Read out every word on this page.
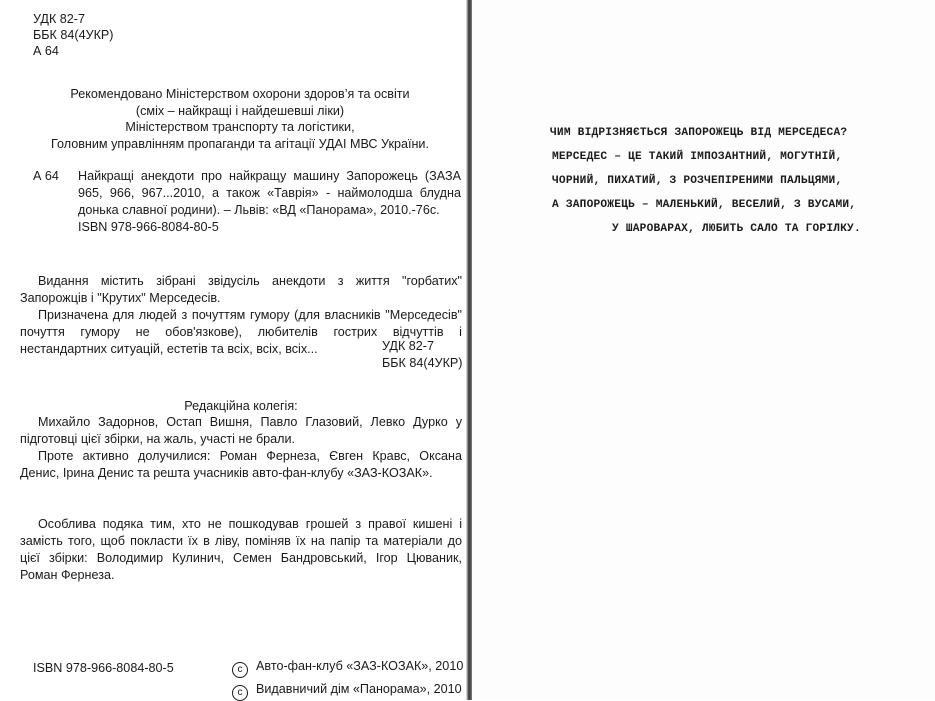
УДК 82-7
ББК 84(4УКР)
А 64
Рекомендовано Міністерством охорони здоров’я та освіти
(сміх – найкращі і найдешевші ліки)
Міністерством транспорту та логістики,
Головним управлінням пропаганди та агітації УДАІ МВС України.
А 64 Найкращі анекдоти про найкращу машину Запорожець (ЗАЗА 965, 966, 967...2010, а також «Таврія» - наймолодша блудна донька славної родини). – Львів: «ВД «Панорама», 2010.-76с.
ISBN 978-966-8084-80-5

Видання містить зібрані звідусіль анекдоти з життя "горбатих" Запорожців і "Крутих" Мерседесів.

Призначена для людей з почуттям гумору (для власників "Мерседесів" почуття гумору не обов'язкове), любителів гострих відчуттів і нестандартних ситуацій, естетів та всіх, всіх, всіх...	УДК 82-7
ББК 84(4УКР)
Редакційна колегія:

Михайло Задорнов, Остап Вишня, Павло Глазовий, Левко Дурко у підготовці цієї збірки, на жаль, участі не брали.

Проте активно долучилися: Роман Фернеза, Євген Кравс, Оксана Денис, Ірина Денис та решта учасників авто-фан-клубу «ЗАЗ-КОЗАК».

Особлива подяка тим, хто не пошкодував грошей з правої кишені і замість того, щоб покласти їх в ліву, поміняв їх на папір та матеріали до цієї збірки: Володимир Кулинич, Семен Бандровський, Ігор Цюваник, Роман Фернеза.

ISBN 978-966-8084-80-5	c Авто-фан-клуб «ЗАЗ-КОЗАК», 2010
c Видавничий дім «Панорама», 2010
ЧИМ ВІДРІЗНЯЄТЬСЯ ЗАПОРОЖЕЦЬ ВІД МЕРСЕДЕСА?
МЕРСЕДЕС – ЦЕ ТАКИЙ ІМПОЗАНТНИЙ, МОГУТНІЙ,
ЧОРНИЙ, ПИХАТИЙ, З РОЗЧЕПІРЕНИМИ ПАЛЬЦЯМИ,
А ЗАПОРОЖЕЦЬ – МАЛЕНЬКИЙ, ВЕСЕЛИЙ, З ВУСАМИ,
У ШАРОВАРАХ, ЛЮБИТЬ САЛО ТА ГОРІЛКУ.
